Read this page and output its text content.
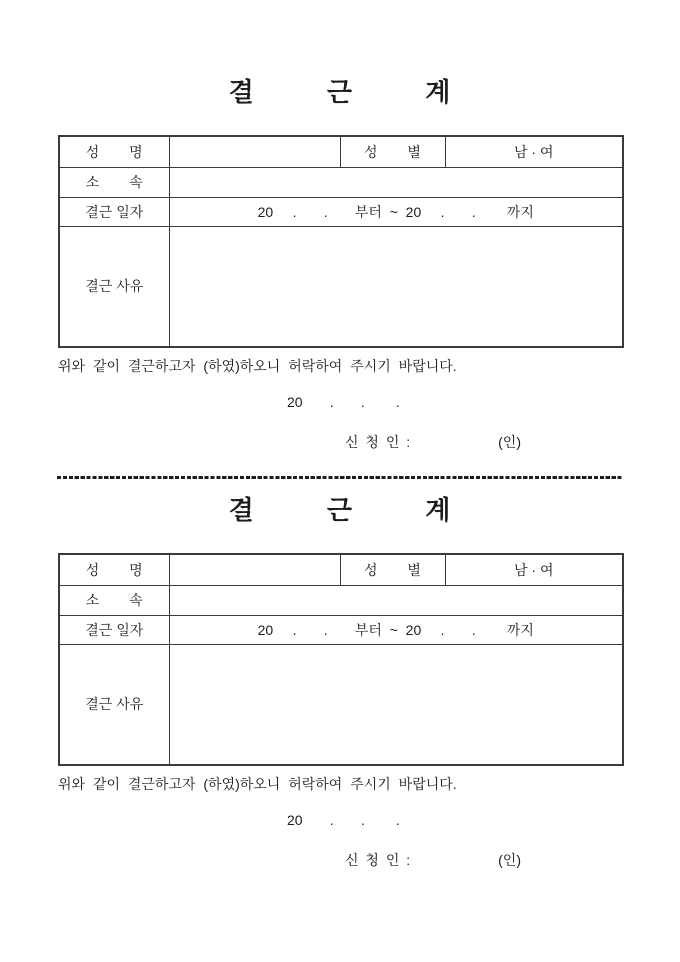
결 근 계
성 명		성 별	남 · 여
소 속			
결근 일자	20     .       .       부터  ~  20     .       .        까지		
결근 사유			
위와 같이 결근하고자 (하였)하오니 허락하여 주시기 바랍니다.
20       .       .        .
신 청 인 :	(인)
결 근 계
성 명		성 별	남 · 여
소 속			
결근 일자	20     .       .       부터  ~  20     .       .        까지		
결근 사유			
위와 같이 결근하고자 (하였)하오니 허락하여 주시기 바랍니다.
20       .       .        .
신 청 인 :	(인)
